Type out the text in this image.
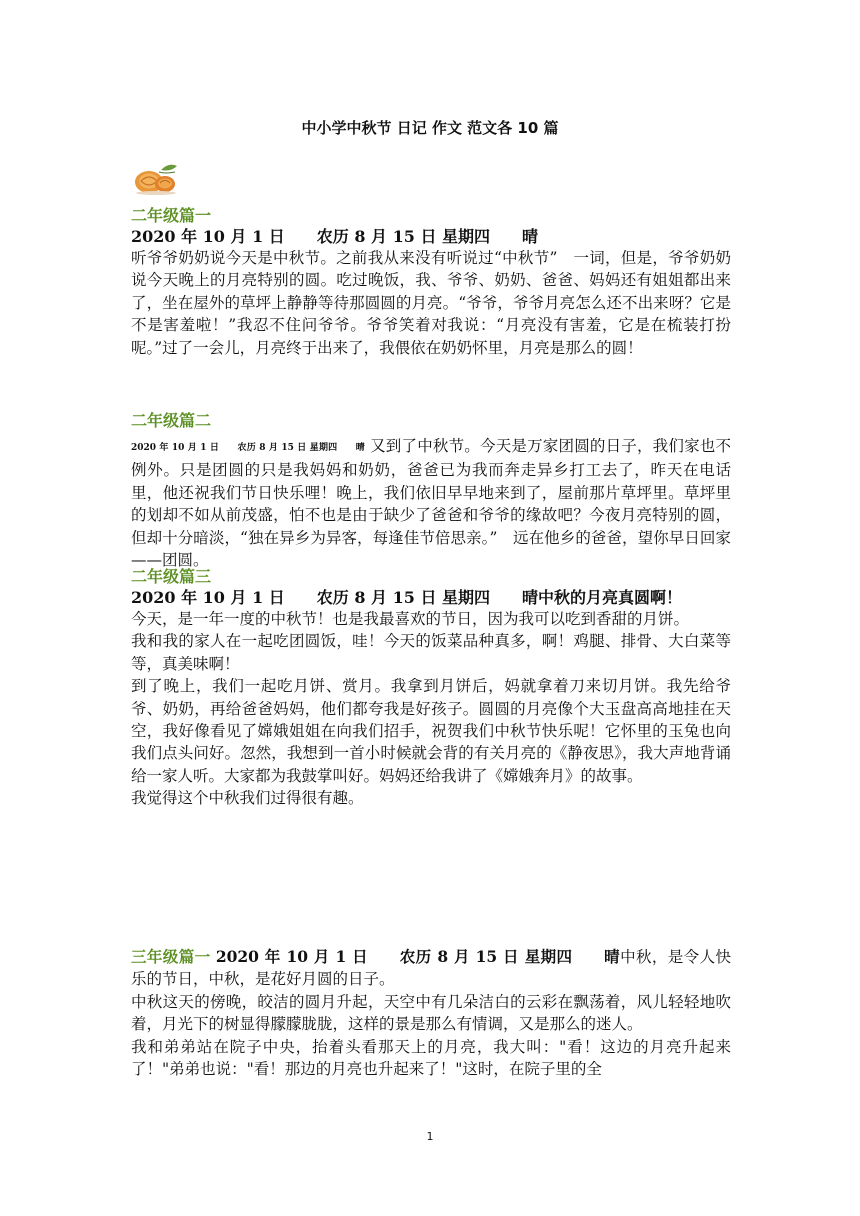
中小学中秋节 日记 作文 范文各 10 篇
二年级篇一
2020 年 10 月 1 日　　农历 8 月 15 日 星期四　　晴

听爷爷奶奶说今天是中秋节。之前我从来没有听说过“中秋节”　一词，但是，爷爷奶奶说今天晚上的月亮特别的圆。吃过晚饭，我、爷爷、奶奶、爸爸、妈妈还有姐姐都出来了，坐在屋外的草坪上静静等待那圆圆的月亮。“爷爷，爷爷月亮怎么还不出来呀？它是不是害羞啦！”我忍不住问爷爷。爷爷笑着对我说：“月亮没有害羞，它是在梳装打扮呢。”过了一会儿，月亮终于出来了，我偎依在奶奶怀里，月亮是那么的圆！

二年级篇二

2020 年 10 月 1 日　　农历 8 月 15 日 星期四　　晴 又到了中秋节。今天是万家团圆的日子，我们家也不例外。只是团圆的只是我妈妈和奶奶，爸爸已为我而奔走异乡打工去了，昨天在电话里，他还祝我们节日快乐哩！晚上，我们依旧早早地来到了，屋前那片草坪里。草坪里的划却不如从前茂盛，怕不也是由于缺少了爸爸和爷爷的缘故吧？今夜月亮特别的圆，但却十分暗淡，“独在异乡为异客，每逢佳节倍思亲。”　远在他乡的爸爸，望你早日回家——团圆。

二年级篇三
2020 年 10 月 1 日　　农历 8 月 15 日 星期四　　晴中秋的月亮真圆啊！

今天，是一年一度的中秋节！也是我最喜欢的节日，因为我可以吃到香甜的月饼。

我和我的家人在一起吃团圆饭，哇！今天的饭菜品种真多，啊！鸡腿、排骨、大白菜等等，真美味啊！

到了晚上，我们一起吃月饼、赏月。我拿到月饼后，妈就拿着刀来切月饼。我先给爷爷、奶奶，再给爸爸妈妈，他们都夸我是好孩子。圆圆的月亮像个大玉盘高高地挂在天空，我好像看见了嫦娥姐姐在向我们招手，祝贺我们中秋节快乐呢！它怀里的玉兔也向我们点头问好。忽然，我想到一首小时候就会背的有关月亮的《静夜思》，我大声地背诵给一家人听。大家都为我鼓掌叫好。妈妈还给我讲了《嫦娥奔月》的故事。

我觉得这个中秋我们过得很有趣。

三年级篇一 2020 年 10 月 1 日　　农历 8 月 15 日 星期四　　晴中秋，是令人快乐的节日，中秋，是花好月圆的日子。

中秋这天的傍晚，皎洁的圆月升起，天空中有几朵洁白的云彩在飘荡着，风儿轻轻地吹着，月光下的树显得朦朦胧胧，这样的景是那么有情调，又是那么的迷人。

我和弟弟站在院子中央，抬着头看那天上的月亮，我大叫："看！这边的月亮升起来了！"弟弟也说："看！那边的月亮也升起来了！"这时，在院子里的全

1
